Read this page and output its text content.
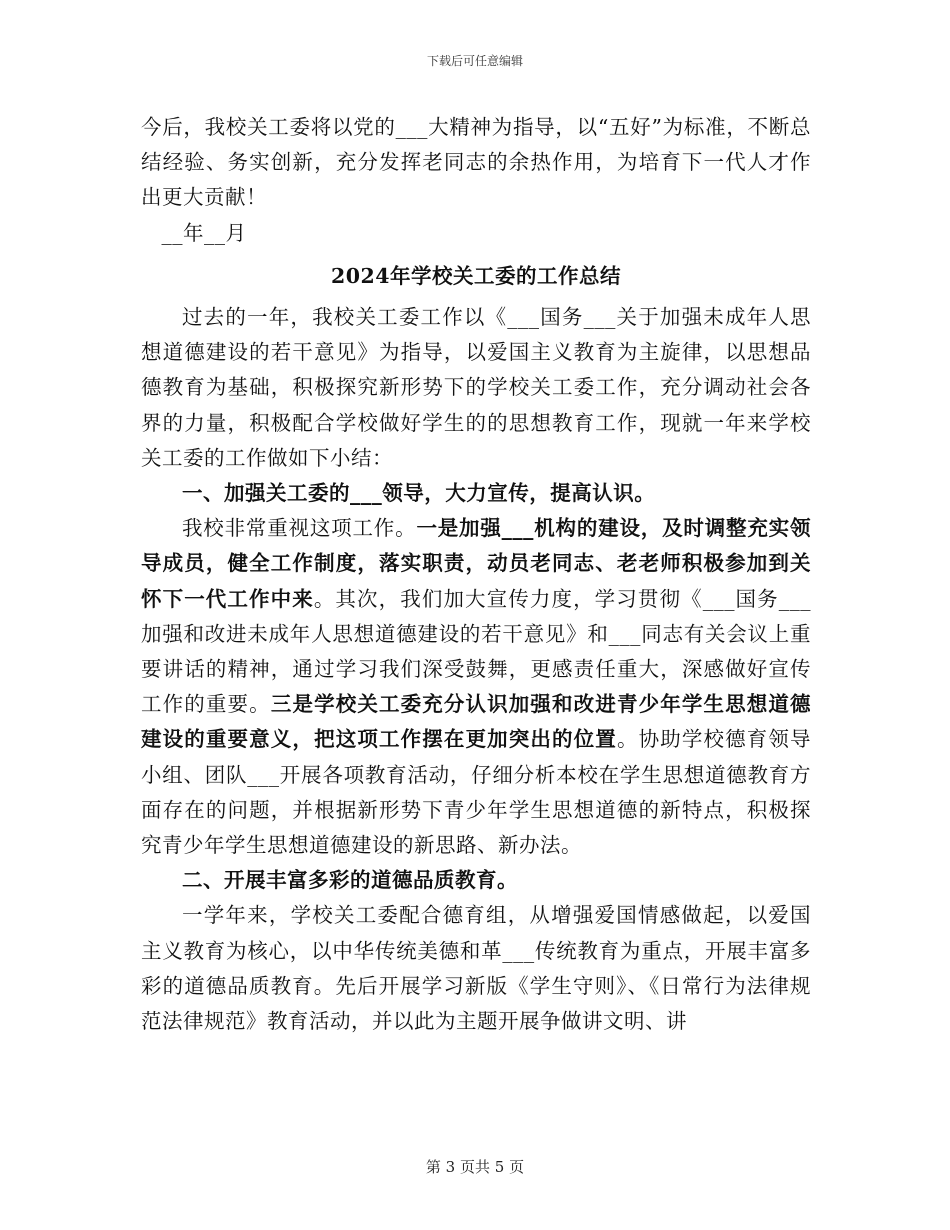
下载后可任意编辑

今后，我校关工委将以党的___大精神为指导，以“五好”为标准，不断总结经验、务实创新，充分发挥老同志的余热作用，为培育下一代人才作出更大贡献！

__年__月

2024年学校关工委的工作总结

过去的一年，我校关工委工作以《___国务___关于加强未成年人思想道德建设的若干意见》为指导，以爱国主义教育为主旋律，以思想品德教育为基础，积极探究新形势下的学校关工委工作，充分调动社会各界的力量，积极配合学校做好学生的的思想教育工作，现就一年来学校关工委的工作做如下小结：

一、加强关工委的___领导，大力宣传，提高认识。

我校非常重视这项工作。一是加强___机构的建设，及时调整充实领导成员，健全工作制度，落实职责，动员老同志、老老师积极参加到关怀下一代工作中来。其次，我们加大宣传力度，学习贯彻《___国务___加强和改进未成年人思想道德建设的若干意见》和___同志有关会议上重要讲话的精神，通过学习我们深受鼓舞，更感责任重大，深感做好宣传工作的重要。三是学校关工委充分认识加强和改进青少年学生思想道德建设的重要意义，把这项工作摆在更加突出的位置。协助学校德育领导小组、团队___开展各项教育活动，仔细分析本校在学生思想道德教育方面存在的问题，并根据新形势下青少年学生思想道德的新特点，积极探究青少年学生思想道德建设的新思路、新办法。

二、开展丰富多彩的道德品质教育。

一学年来，学校关工委配合德育组，从增强爱国情感做起，以爱国主义教育为核心，以中华传统美德和革___传统教育为重点，开展丰富多彩的道德品质教育。先后开展学习新版《学生守则》、《日常行为法律规范法律规范》教育活动，并以此为主题开展争做讲文明、讲

第 3 页共 5 页
